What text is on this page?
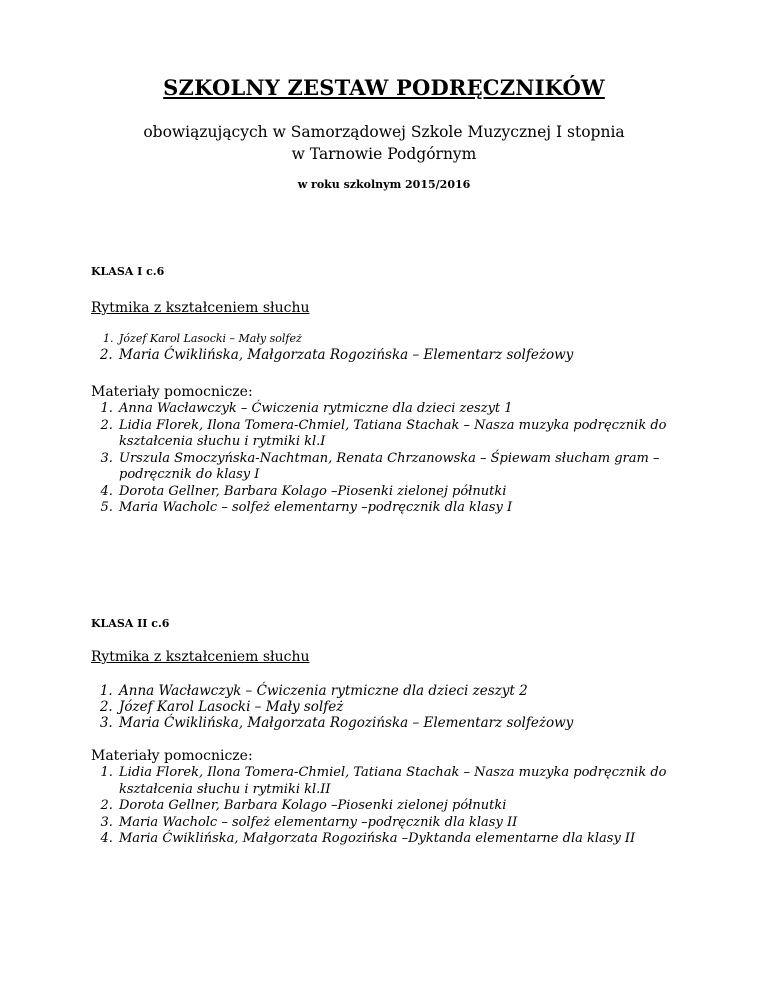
SZKOLNY ZESTAW PODRĘCZNIKÓW
obowiązujących w Samorządowej Szkole Muzycznej I stopnia
w Tarnowie Podgórnym
w roku szkolnym 2015/2016

KLASA I c.6

Rytmika z kształceniem słuchu
1. Józef Karol Lasocki – Mały solfeż
2. Maria Ćwiklińska, Małgorzata Rogozińska – Elementarz solfeżowy
Materiały pomocnicze:
1. Anna Wacławczyk – Ćwiczenia rytmiczne dla dzieci zeszyt 1
2. Lidia Florek, Ilona Tomera-Chmiel, Tatiana Stachak – Nasza muzyka podręcznik do kształcenia słuchu i rytmiki kl.I
3. Urszula Smoczyńska-Nachtman, Renata Chrzanowska – Śpiewam słucham gram – podręcznik do klasy I
4. Dorota Gellner, Barbara Kolago –Piosenki zielonej półnutki
5. Maria Wacholc – solfeż elementarny –podręcznik dla klasy I

KLASA II c.6

Rytmika z kształceniem słuchu
1. Anna Wacławczyk – Ćwiczenia rytmiczne dla dzieci zeszyt 2
2. Józef Karol Lasocki – Mały solfeż
3. Maria Ćwiklińska, Małgorzata Rogozińska – Elementarz solfeżowy
Materiały pomocnicze:
1. Lidia Florek, Ilona Tomera-Chmiel, Tatiana Stachak – Nasza muzyka podręcznik do kształcenia słuchu i rytmiki kl.II
2. Dorota Gellner, Barbara Kolago –Piosenki zielonej półnutki
3. Maria Wacholc – solfeż elementarny –podręcznik dla klasy II
4. Maria Ćwiklińska, Małgorzata Rogozińska –Dyktanda elementarne dla klasy II
